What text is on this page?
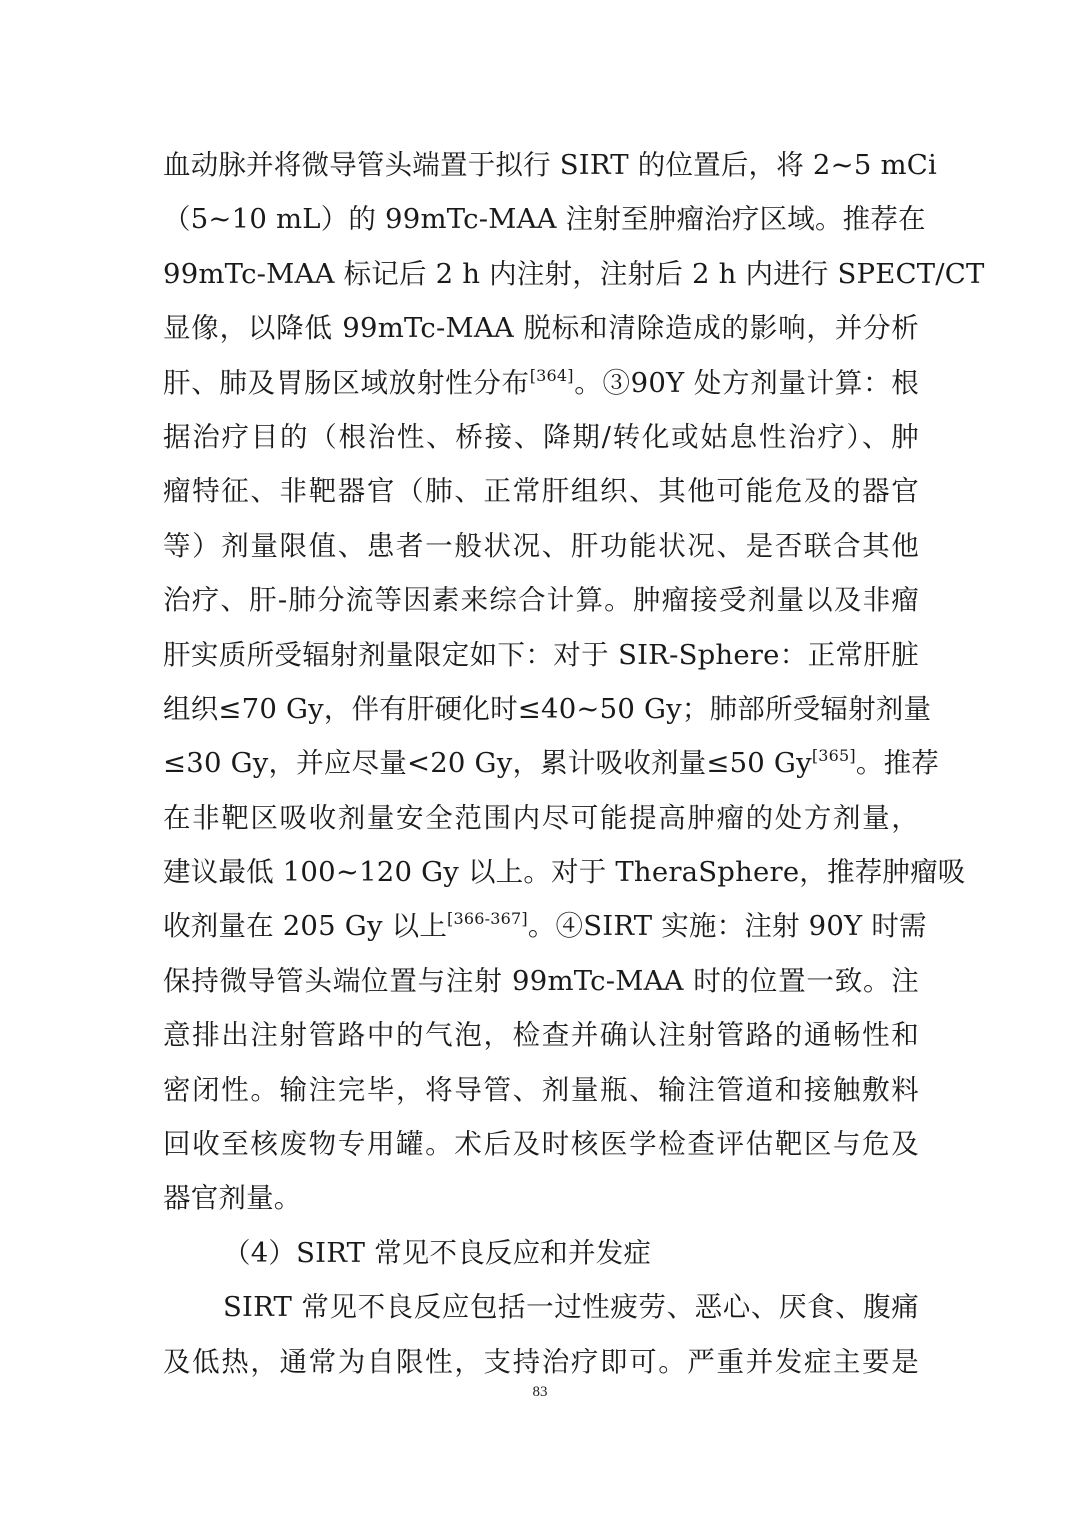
血动脉并将微导管头端置于拟行 SIRT 的位置后，将 2~5 mCi
（5~10 mL）的 99mTc-MAA 注射至肿瘤治疗区域。推荐在
99mTc-MAA 标记后 2 h 内注射，注射后 2 h 内进行 SPECT/CT
显像，以降低 99mTc-MAA 脱标和清除造成的影响，并分析
肝、肺及胃肠区域放射性分布[364]。③90Y 处方剂量计算：根
据治疗目的（根治性、桥接、降期/转化或姑息性治疗）、肿
瘤特征、非靶器官（肺、正常肝组织、其他可能危及的器官
等）剂量限值、患者一般状况、肝功能状况、是否联合其他
治疗、肝-肺分流等因素来综合计算。肿瘤接受剂量以及非瘤
肝实质所受辐射剂量限定如下：对于 SIR-Sphere：正常肝脏
组织≤70 Gy，伴有肝硬化时≤40~50 Gy；肺部所受辐射剂量
≤30 Gy，并应尽量<20 Gy，累计吸收剂量≤50 Gy[365]。推荐
在非靶区吸收剂量安全范围内尽可能提高肿瘤的处方剂量，
建议最低 100~120 Gy 以上。对于 TheraSphere，推荐肿瘤吸
收剂量在 205 Gy 以上[366-367]。④SIRT 实施：注射 90Y 时需
保持微导管头端位置与注射 99mTc-MAA 时的位置一致。注
意排出注射管路中的气泡，检查并确认注射管路的通畅性和
密闭性。输注完毕，将导管、剂量瓶、输注管道和接触敷料
回收至核废物专用罐。术后及时核医学检查评估靶区与危及
器官剂量。
（4）SIRT 常见不良反应和并发症
SIRT 常见不良反应包括一过性疲劳、恶心、厌食、腹痛
及低热，通常为自限性，支持治疗即可。严重并发症主要是
83
